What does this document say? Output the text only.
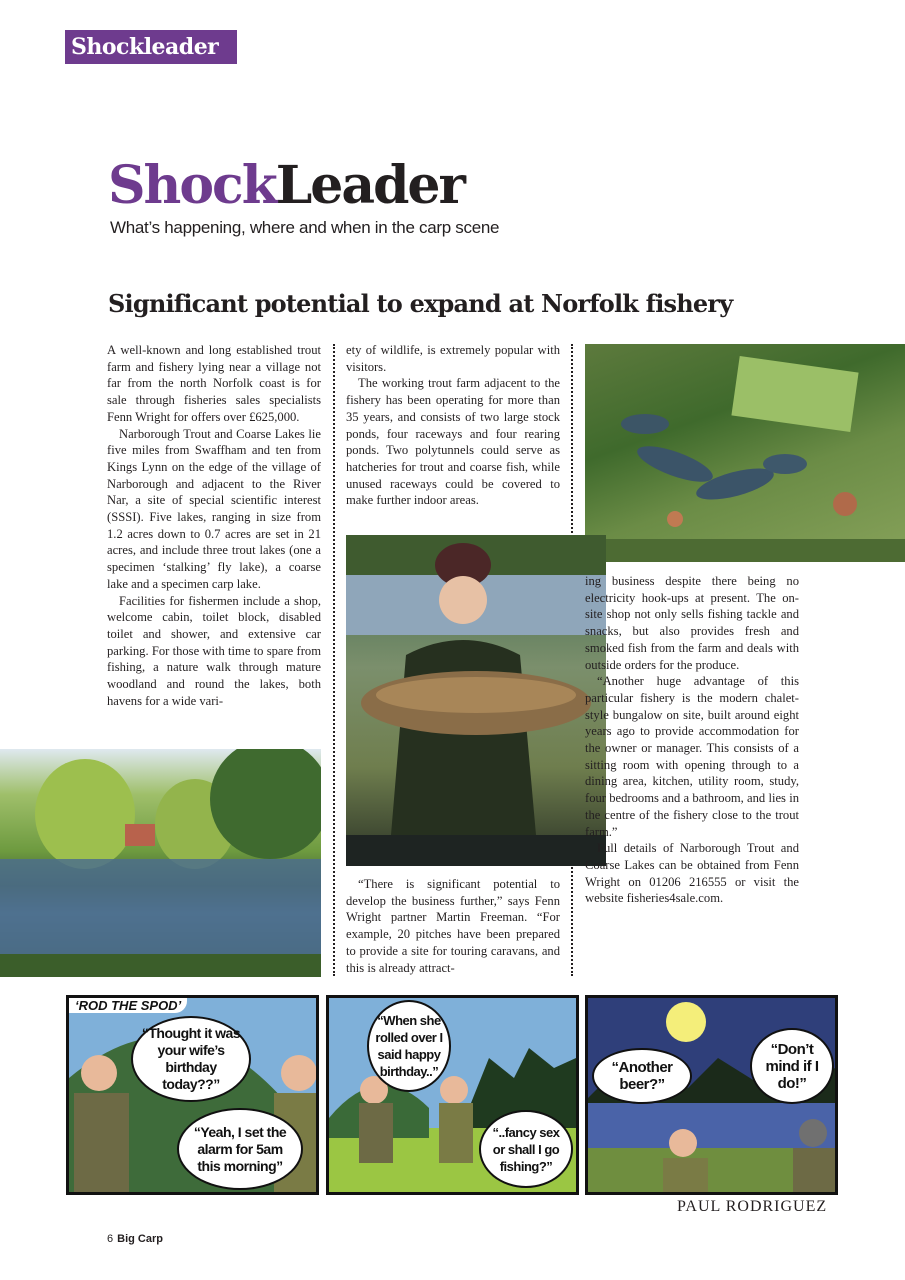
Shockleader
ShockLeader
What’s happening, where and when in the carp scene
Significant potential to expand at Norfolk fishery

A well-known and long established trout farm and fishery lying near a village not far from the north Norfolk coast is for sale through fisheries sales specialists Fenn Wright for offers over £625,000.

Narborough Trout and Coarse Lakes lie five miles from Swaffham and ten from Kings Lynn on the edge of the village of Narborough and adjacent to the River Nar, a site of special scientific interest (SSSI). Five lakes, ranging in size from 1.2 acres down to 0.7 acres are set in 21 acres, and include three trout lakes (one a specimen ‘stalking’ fly lake), a coarse lake and a specimen carp lake.

Facilities for fishermen include a shop, welcome cabin, toilet block, disabled toilet and shower, and extensive car parking. For those with time to spare from fishing, a nature walk through mature woodland and round the lakes, both havens for a wide vari-

ety of wildlife, is extremely popular with visitors.

The working trout farm adjacent to the fishery has been operating for more than 35 years, and consists of two large stock ponds, four raceways and four rearing ponds. Two polytunnels could serve as hatcheries for trout and coarse fish, while unused raceways could be covered to make further indoor areas.

“There is significant potential to develop the business further,” says Fenn Wright partner Martin Freeman. “For example, 20 pitches have been prepared to provide a site for touring caravans, and this is already attract-

ing business despite there being no electricity hook-ups at present. The on-site shop not only sells fishing tackle and snacks, but also provides fresh and smoked fish from the farm and deals with outside orders for the produce.

“Another huge advantage of this particular fishery is the modern chalet-style bungalow on site, built around eight years ago to provide accommodation for the owner or manager. This consists of a sitting room with opening through to a dining area, kitchen, utility room, study, four bedrooms and a bathroom, and lies in the centre of the fishery close to the trout farm.”

Full details of Narborough Trout and Coarse Lakes can be obtained from Fenn Wright on 01206 216555 or visit the website fisheries4sale.com.

‘ROD THE SPOD’
“Thought it was your wife’s birthday today??”
“Yeah, I set the alarm for 5am this morning”
“When she rolled over I said happy birthday..”
“..fancy sex or shall I go fishing?”
“Another beer?”
“Don’t mind if I do!”
PAUL RODRIGUEZ
6 Big Carp
